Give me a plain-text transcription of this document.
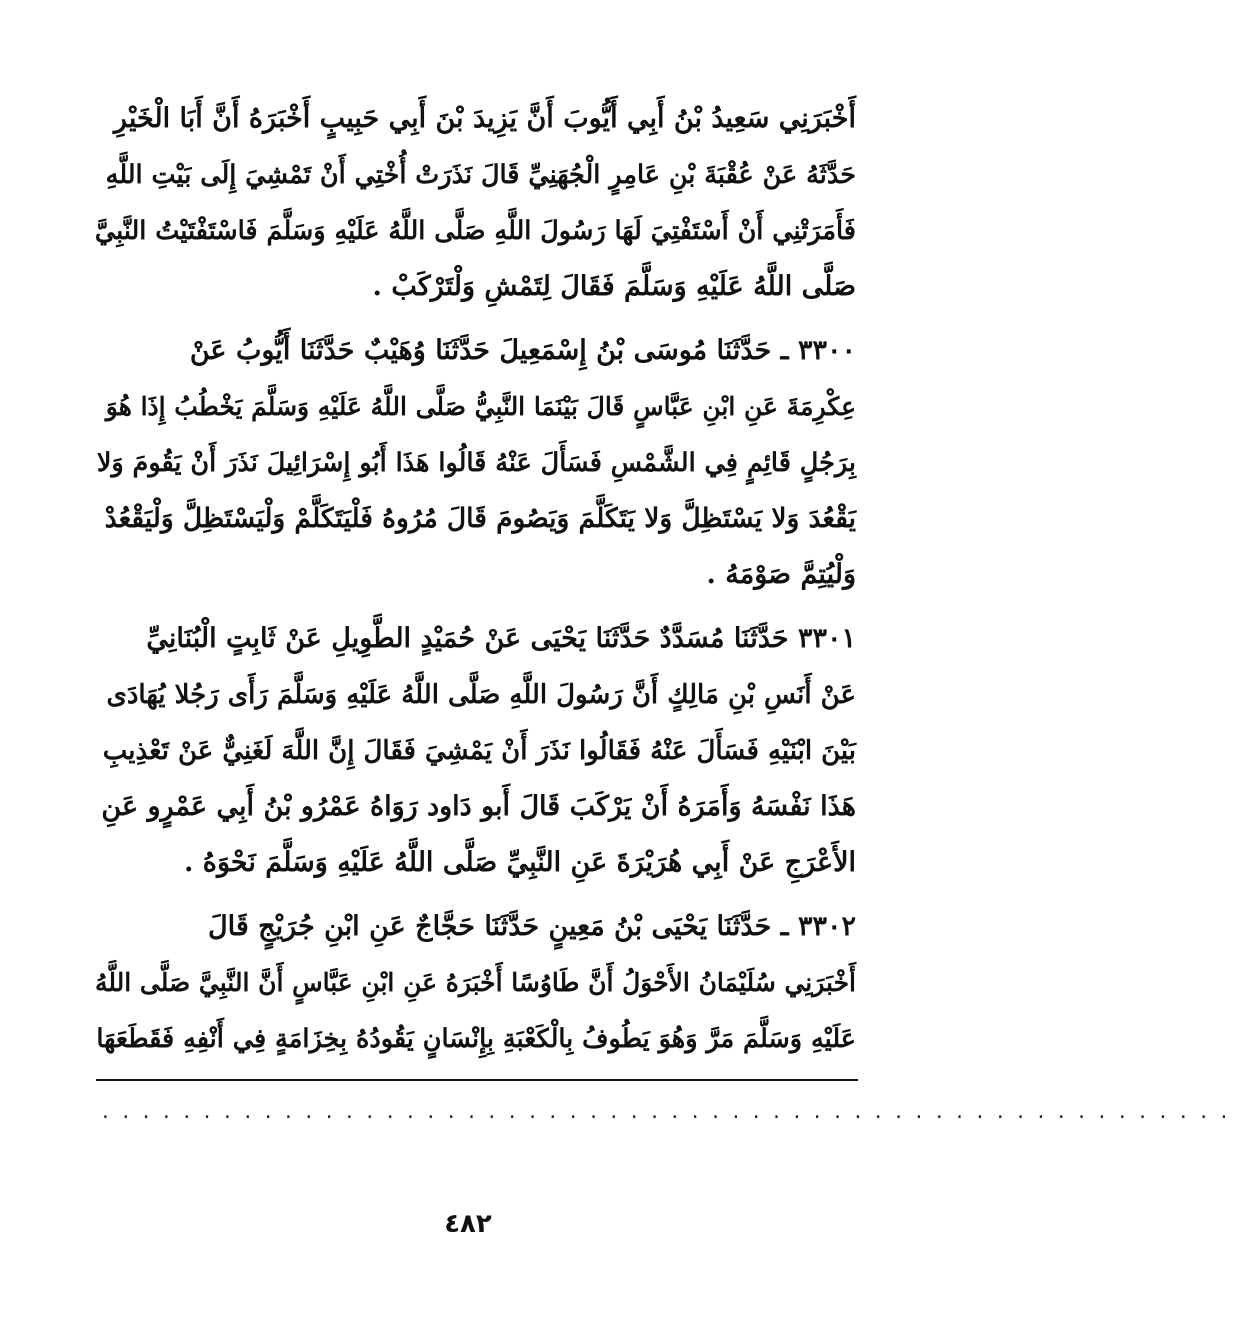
أَخْبَرَنِي سَعِيدُ بْنُ أَبِي أَيُّوبَ أَنَّ يَزِيدَ بْنَ أَبِي حَبِيبٍ أَخْبَرَهُ أَنَّ أَبَا الْخَيْرِ
حَدَّثَهُ عَنْ عُقْبَةَ بْنِ عَامِرٍ الْجُهَنِيِّ قَالَ نَذَرَتْ أُخْتِي أَنْ تَمْشِيَ إِلَى بَيْتِ اللَّهِ
فَأَمَرَتْنِي أَنْ أَسْتَفْتِيَ لَهَا رَسُولَ اللَّهِ صَلَّى اللَّهُ عَلَيْهِ وَسَلَّمَ فَاسْتَفْتَيْتُ النَّبِيَّ
صَلَّى اللَّهُ عَلَيْهِ وَسَلَّمَ فَقَالَ لِتَمْشِ وَلْتَرْكَبْ .
٣٣٠٠ ـ حَدَّثَنَا مُوسَى بْنُ إِسْمَعِيلَ حَدَّثَنَا وُهَيْبٌ حَدَّثَنَا أَيُّوبُ عَنْ
عِكْرِمَةَ عَنِ ابْنِ عَبَّاسٍ قَالَ بَيْنَمَا النَّبِيُّ صَلَّى اللَّهُ عَلَيْهِ وَسَلَّمَ يَخْطُبُ إِذَا هُوَ
بِرَجُلٍ قَائِمٍ فِي الشَّمْسِ فَسَأَلَ عَنْهُ قَالُوا هَذَا أَبُو إِسْرَائِيلَ نَذَرَ أَنْ يَقُومَ وَلا
يَقْعُدَ وَلا يَسْتَظِلَّ وَلا يَتَكَلَّمَ وَيَصُومَ قَالَ مُرُوهُ فَلْيَتَكَلَّمْ وَلْيَسْتَظِلَّ وَلْيَقْعُدْ
وَلْيُتِمَّ صَوْمَهُ .
٣٣٠١ حَدَّثَنَا مُسَدَّدٌ حَدَّثَنَا يَحْيَى عَنْ حُمَيْدٍ الطَّوِيلِ عَنْ ثَابِتٍ الْبُنَانِيِّ
عَنْ أَنَسِ بْنِ مَالِكٍ أَنَّ رَسُولَ اللَّهِ صَلَّى اللَّهُ عَلَيْهِ وَسَلَّمَ رَأَى رَجُلا يُهَادَى
بَيْنَ ابْنَيْهِ فَسَأَلَ عَنْهُ فَقَالُوا نَذَرَ أَنْ يَمْشِيَ فَقَالَ إِنَّ اللَّهَ لَغَنِيٌّ عَنْ تَعْذِيبِ
هَذَا نَفْسَهُ وَأَمَرَهُ أَنْ يَرْكَبَ قَالَ أَبو دَاود رَوَاهُ عَمْرُو بْنُ أَبِي عَمْرٍو عَنِ
الأَعْرَجِ عَنْ أَبِي هُرَيْرَةَ عَنِ النَّبِيِّ صَلَّى اللَّهُ عَلَيْهِ وَسَلَّمَ نَحْوَهُ .
٣٣٠٢ ـ حَدَّثَنَا يَحْيَى بْنُ مَعِينٍ حَدَّثَنَا حَجَّاجٌ عَنِ ابْنِ جُرَيْجٍ قَالَ
أَخْبَرَنِي سُلَيْمَانُ الأَحْوَلُ أَنَّ طَاوُسًا أَخْبَرَهُ عَنِ ابْنِ عَبَّاسٍ أَنَّ النَّبِيَّ صَلَّى اللَّهُ
عَلَيْهِ وَسَلَّمَ مَرَّ وَهُوَ يَطُوفُ بِالْكَعْبَةِ بِإِنْسَانٍ يَقُودُهُ بِخِزَامَةٍ فِي أَنْفِهِ فَقَطَعَهَا
........................................................
٤٨٢
